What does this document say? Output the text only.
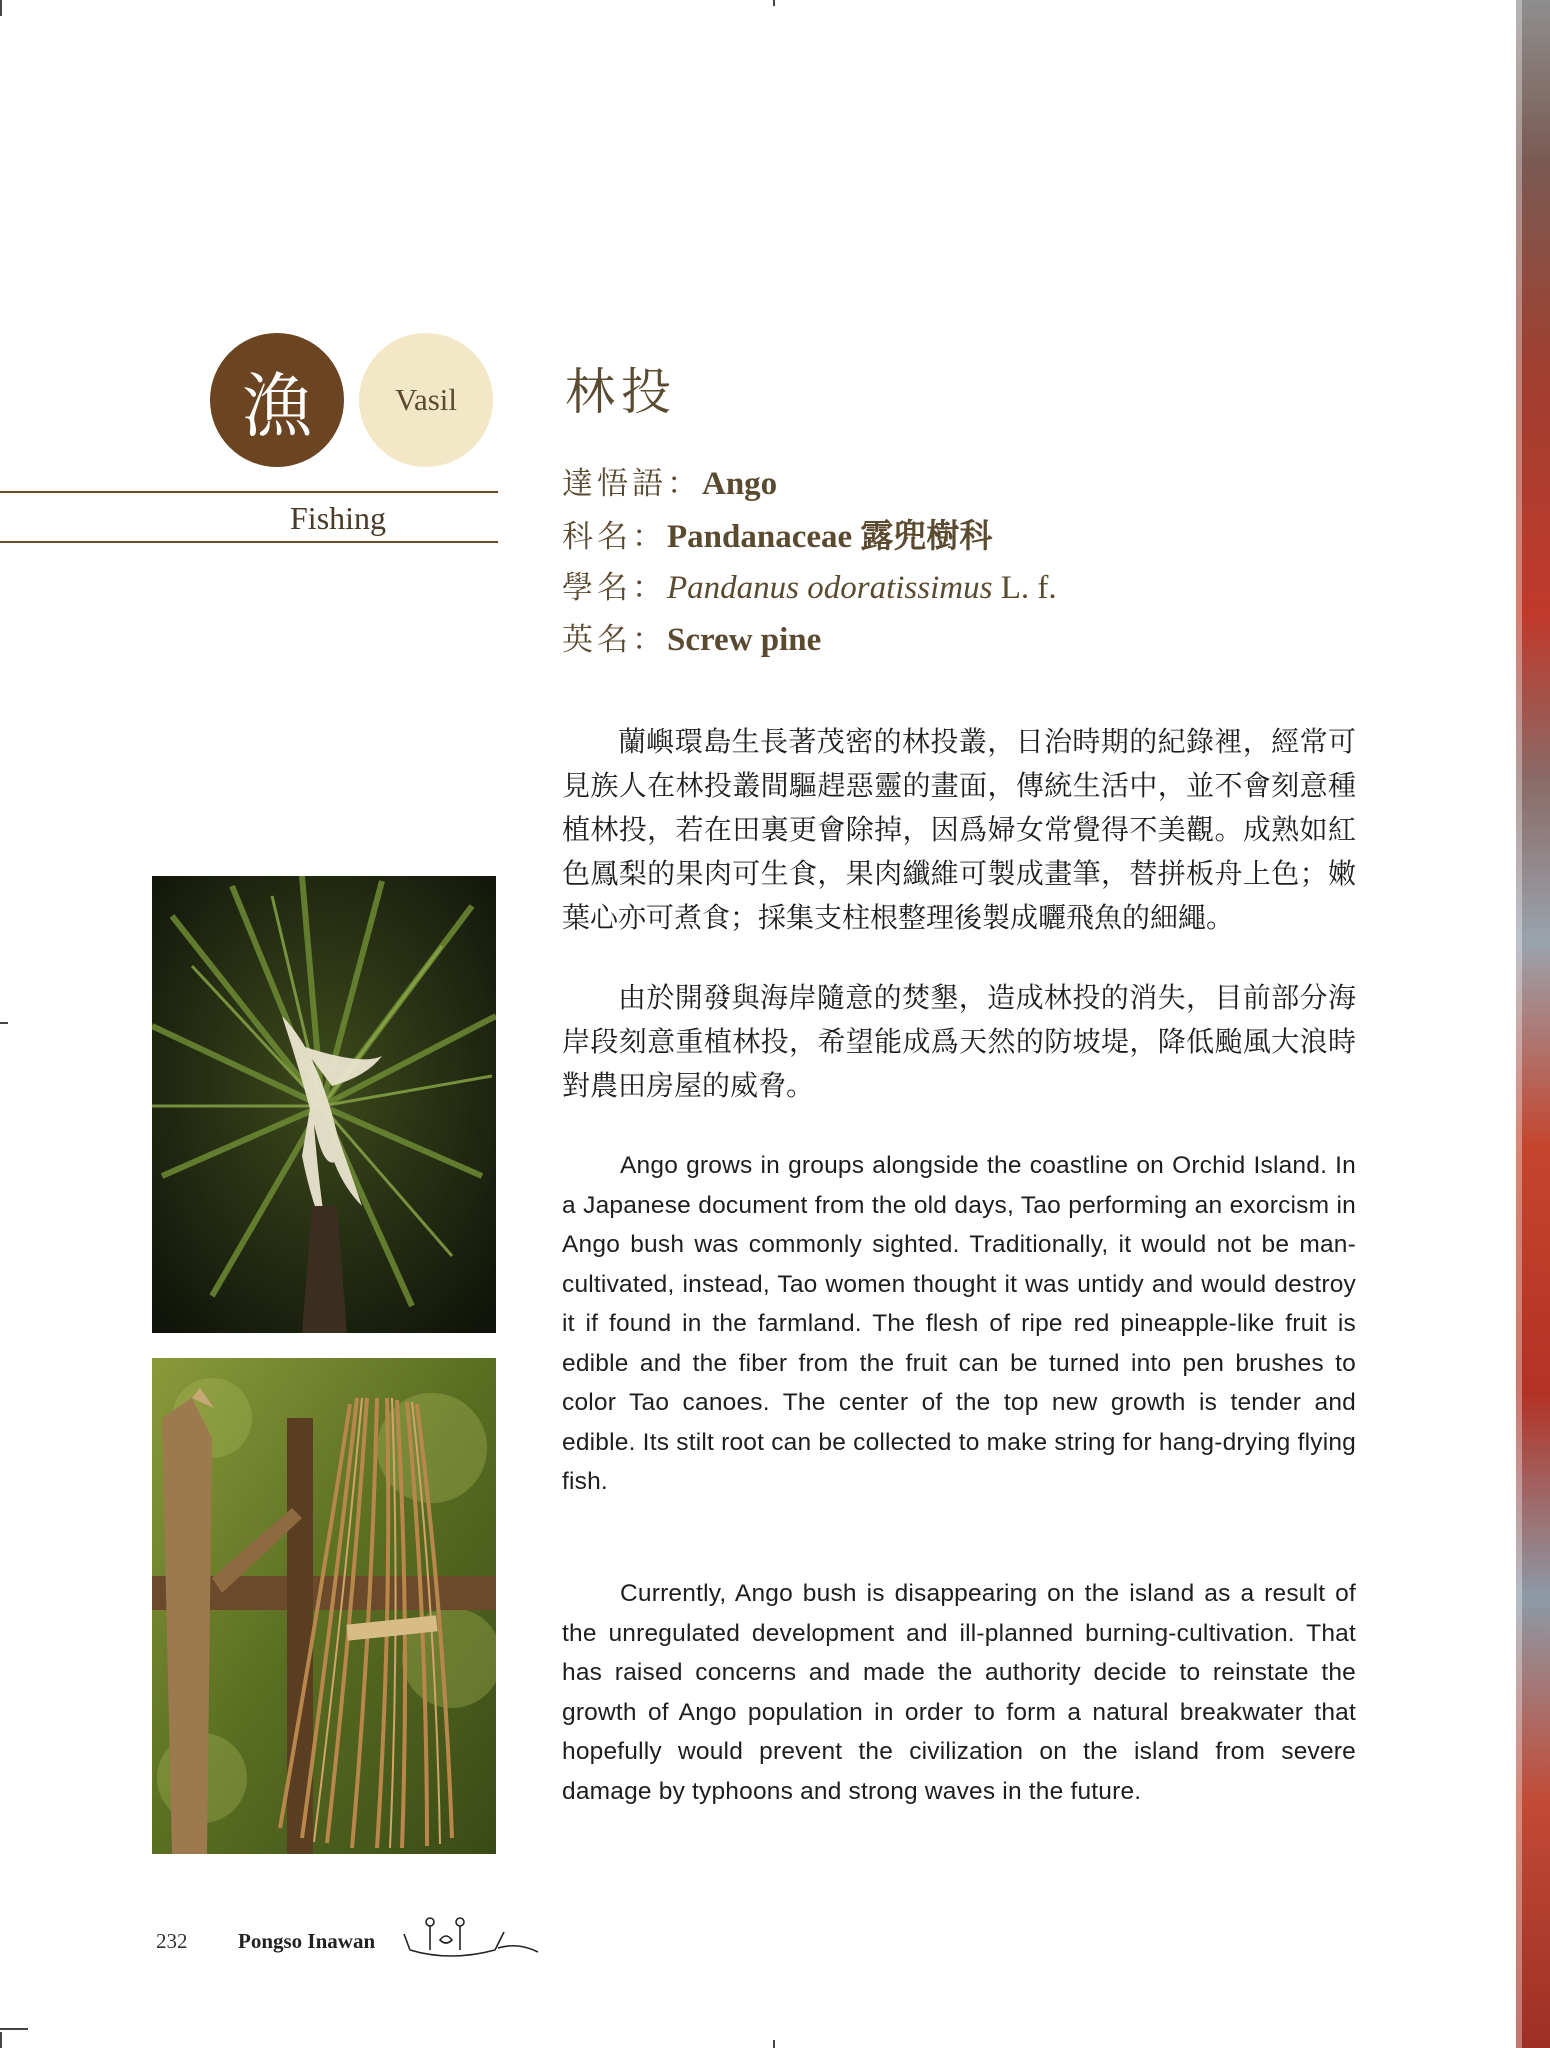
漁	Vasil
Fishing
林投
達悟語：Ango
科名：Pandanaceae 露兜樹科
學名：Pandanus odoratissimus L. f.
英名：Screw pine
蘭嶼環島生長著茂密的林投叢，日治時期的紀錄裡，經常可見族人在林投叢間驅趕惡靈的畫面，傳統生活中，並不會刻意種植林投，若在田裏更會除掉，因爲婦女常覺得不美觀。成熟如紅色鳳梨的果肉可生食，果肉纖維可製成畫筆，替拼板舟上色；嫩葉心亦可煮食；採集支柱根整理後製成曬飛魚的細繩。
由於開發與海岸隨意的焚墾，造成林投的消失，目前部分海岸段刻意重植林投，希望能成爲天然的防坡堤，降低颱風大浪時對農田房屋的威脅。
Ango grows in groups alongside the coastline on Orchid Island. In a Japanese document from the old days, Tao performing an exorcism in Ango bush was commonly sighted. Traditionally, it would not be man-cultivated, instead, Tao women thought it was untidy and would destroy it if found in the farmland. The flesh of ripe red pineapple-like fruit is edible and the fiber from the fruit can be turned into pen brushes to color Tao canoes. The center of the top new growth is tender and edible. Its stilt root can be collected to make string for hang-drying flying fish.
Currently, Ango bush is disappearing on the island as a result of the unregulated development and ill-planned burning-cultivation. That has raised concerns and made the authority decide to reinstate the growth of Ango population in order to form a natural breakwater that hopefully would prevent the civilization on the island from severe damage by typhoons and strong waves in the future.
232 Pongso Inawan
